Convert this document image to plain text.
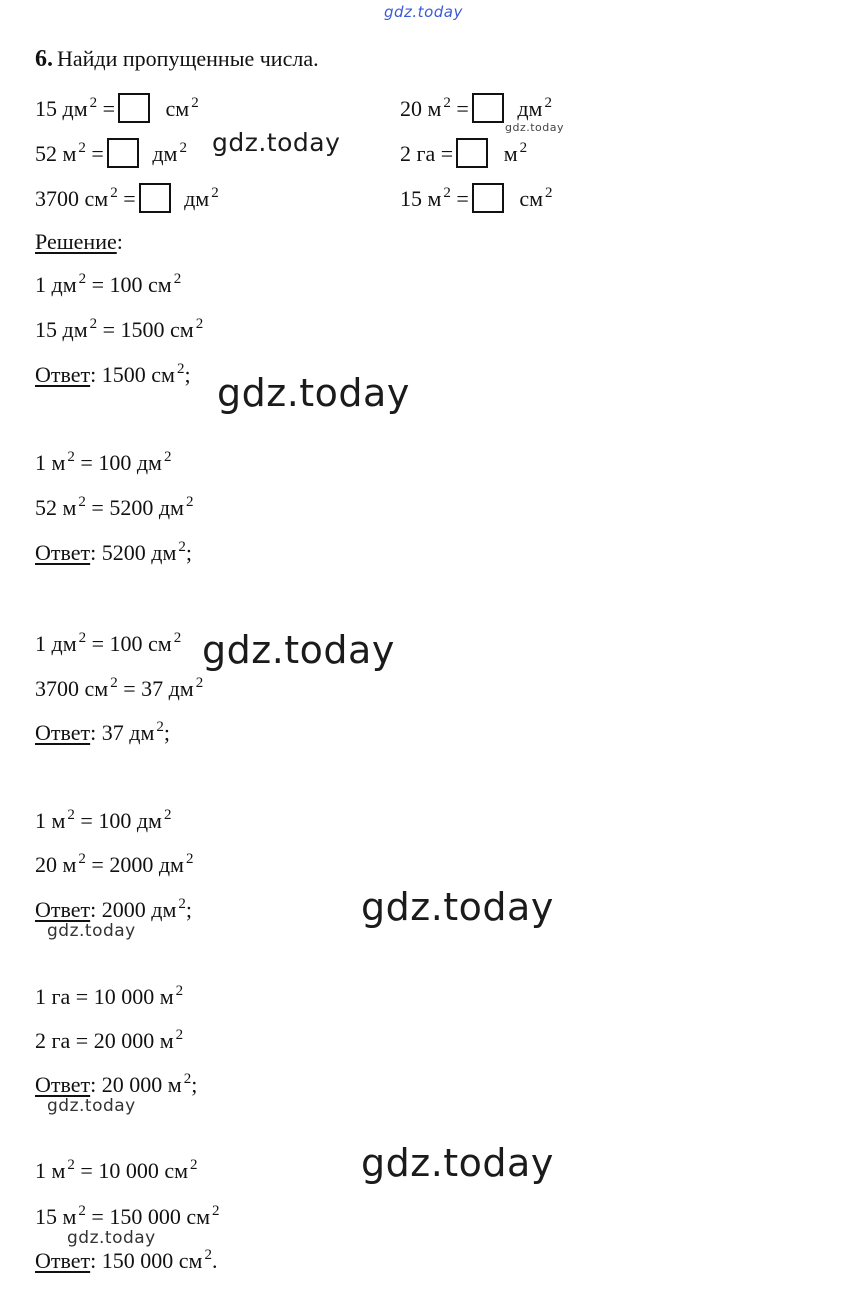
gdz.today
6. Найди пропущенные числа.
15 дм $^2$ = см $^2$
52 м $^2$ = дм $^2$
3700 см $^2$ = дм $^2$
20 м $^2$ = дм $^2$
2 га = м $^2$
15 м $^2$ = см $^2$
gdz.today
gdz.today
Решение:
1 дм $^2$ = 100 см $^2$
15 дм $^2$ = 1500 см $^2$
Ответ: 1500 см $^2$; gdz.today
1 м $^2$ = 100 дм $^2$
52 м $^2$ = 5200 дм $^2$
Ответ: 5200 дм $^2$;
1 дм $^2$ = 100 см $^2$ gdz.today
3700 см $^2$ = 37 дм $^2$
Ответ: 37 дм $^2$;
1 м $^2$ = 100 дм $^2$
20 м $^2$ = 2000 дм $^2$
Ответ: 2000 дм $^2$;
gdz.today
gdz.today
1 га = 10 000 м $^2$
2 га = 20 000 м $^2$
Ответ: 20 000 м $^2$;
gdz.today
gdz.today
1 м $^2$ = 10 000 см $^2$
15 м $^2$ = 150 000 см $^2$
gdz.today
Ответ: 150 000 см $^2$.
